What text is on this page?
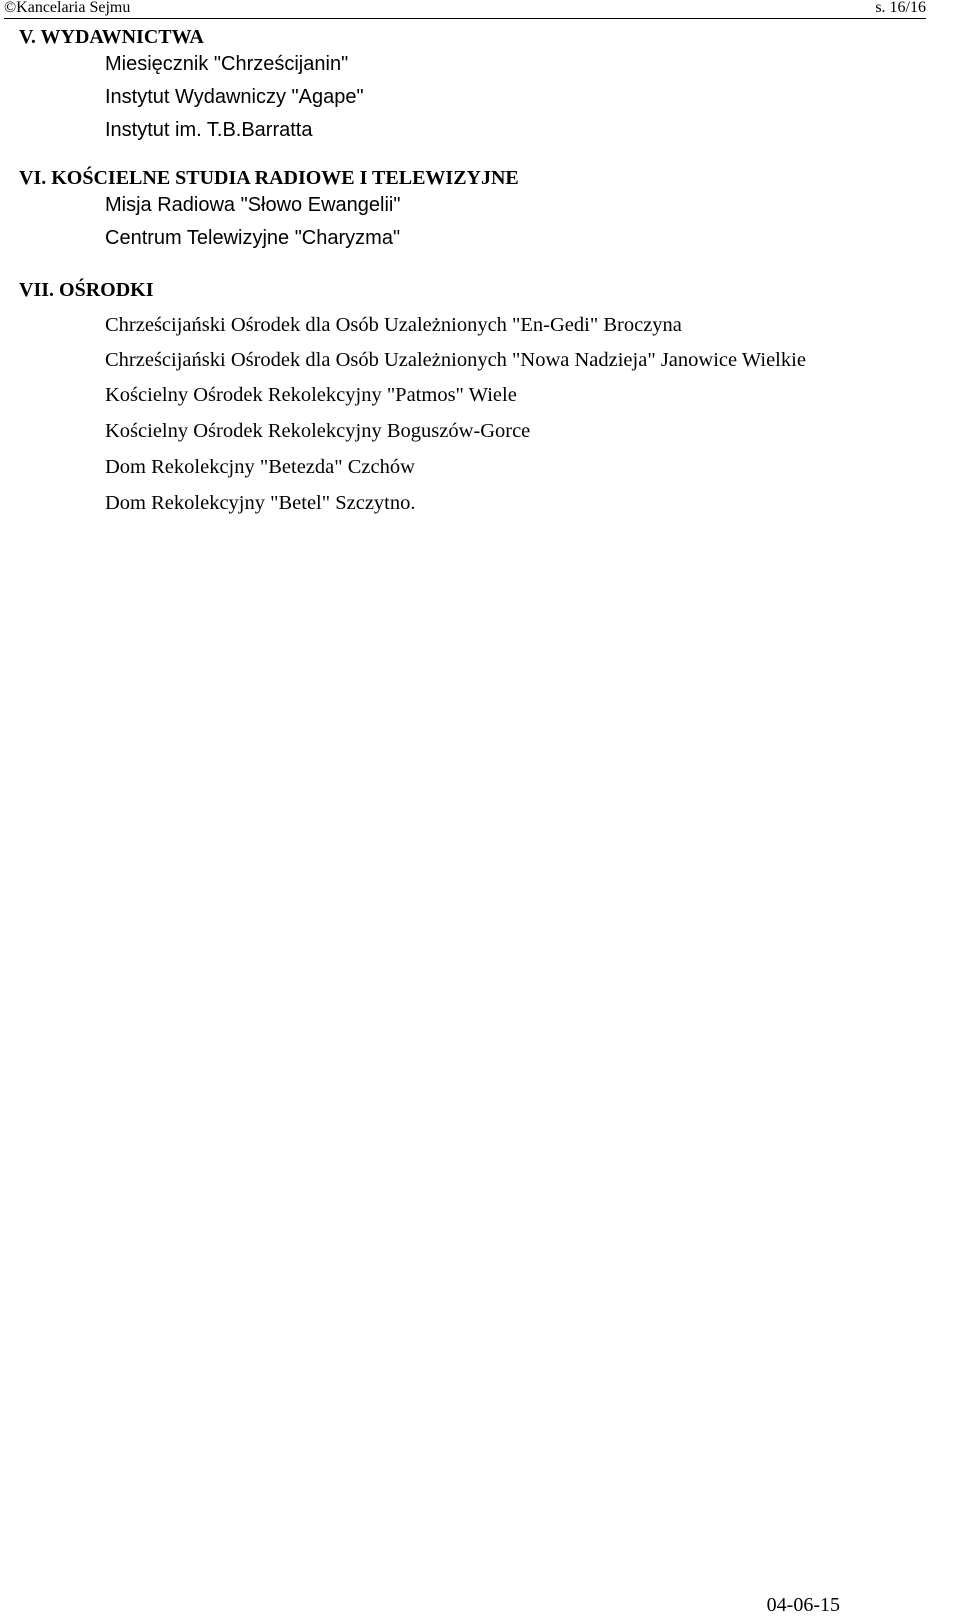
©Kancelaria Sejmu	s. 16/16
V. WYDAWNICTWA
Miesięcznik "Chrześcijanin"
Instytut Wydawniczy "Agape"
Instytut im. T.B.Barratta
VI. KOŚCIELNE STUDIA RADIOWE I TELEWIZYJNE
Misja Radiowa "Słowo Ewangelii"
Centrum Telewizyjne "Charyzma"
VII. OŚRODKI
Chrześcijański Ośrodek dla Osób Uzależnionych "En-Gedi" Broczyna
Chrześcijański Ośrodek dla Osób Uzależnionych "Nowa Nadzieja" Janowice Wielkie
Kościelny Ośrodek Rekolekcyjny "Patmos" Wiele
Kościelny Ośrodek Rekolekcyjny Boguszów-Gorce
Dom Rekolekcjny "Betezda" Czchów
Dom Rekolekcyjny "Betel" Szczytno.
04-06-15
